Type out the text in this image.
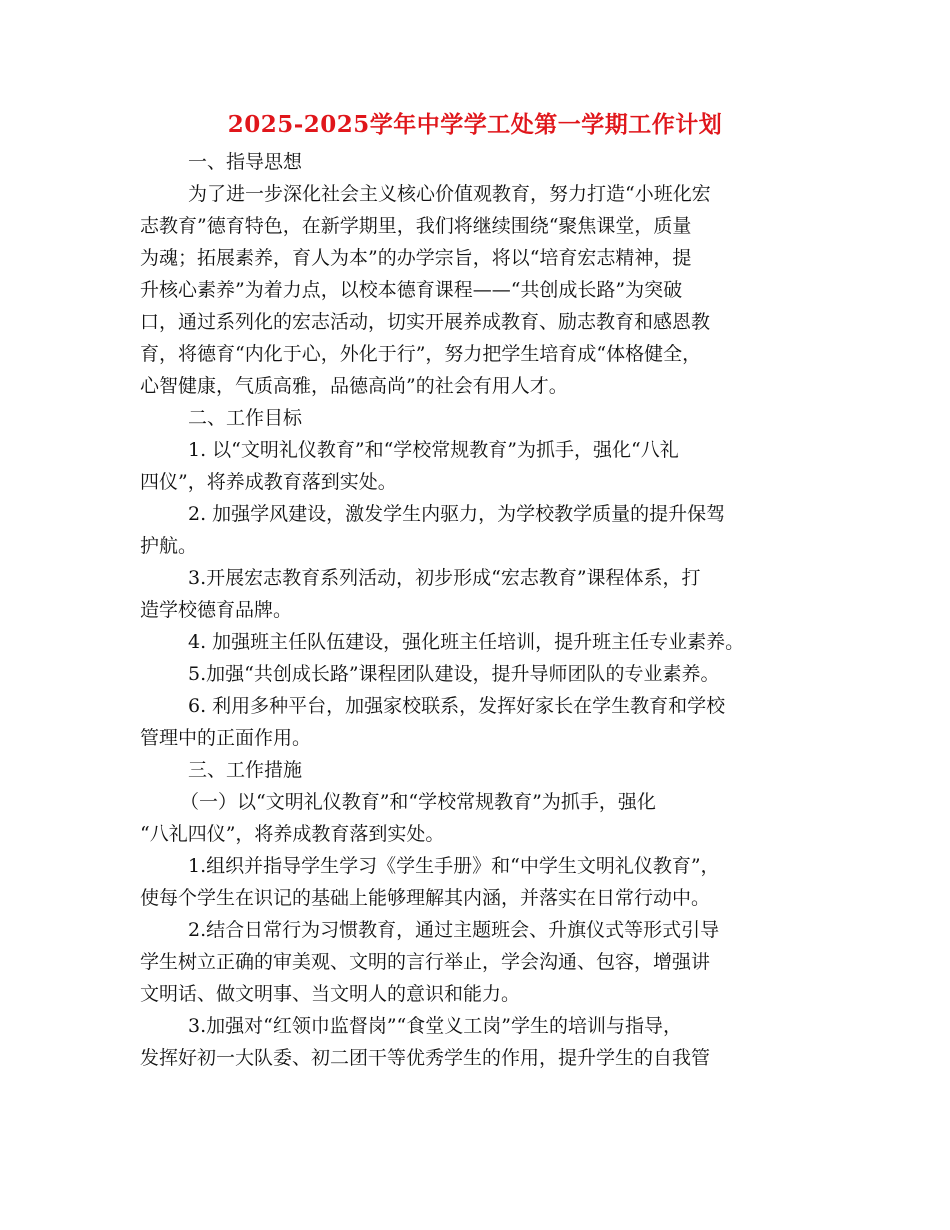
2025-2025学年中学学工处第一学期工作计划
一、指导思想
为了进一步深化社会主义核心价值观教育，努力打造“小班化宏
志教育”德育特色，在新学期里，我们将继续围绕“聚焦课堂，质量
为魂；拓展素养，育人为本”的办学宗旨，将以“培育宏志精神，提
升核心素养”为着力点，以校本德育课程——“共创成长路”为突破
口，通过系列化的宏志活动，切实开展养成教育、励志教育和感恩教
育，将德育“内化于心，外化于行”，努力把学生培育成“体格健全，
心智健康，气质高雅，品德高尚”的社会有用人才。
二、工作目标
1. 以“文明礼仪教育”和“学校常规教育”为抓手，强化“八礼
四仪”，将养成教育落到实处。
2. 加强学风建设，激发学生内驱力，为学校教学质量的提升保驾
护航。
3.开展宏志教育系列活动，初步形成“宏志教育”课程体系，打
造学校德育品牌。
4. 加强班主任队伍建设，强化班主任培训，提升班主任专业素养。
5.加强“共创成长路”课程团队建设，提升导师团队的专业素养。
6. 利用多种平台，加强家校联系，发挥好家长在学生教育和学校
管理中的正面作用。
三、工作措施
（一）以“文明礼仪教育”和“学校常规教育”为抓手，强化
“八礼四仪”，将养成教育落到实处。
1.组织并指导学生学习《学生手册》和“中学生文明礼仪教育”，
使每个学生在识记的基础上能够理解其内涵，并落实在日常行动中。
2.结合日常行为习惯教育，通过主题班会、升旗仪式等形式引导
学生树立正确的审美观、文明的言行举止，学会沟通、包容，增强讲
文明话、做文明事、当文明人的意识和能力。
3.加强对“红领巾监督岗”“食堂义工岗”学生的培训与指导，
发挥好初一大队委、初二团干等优秀学生的作用，提升学生的自我管
